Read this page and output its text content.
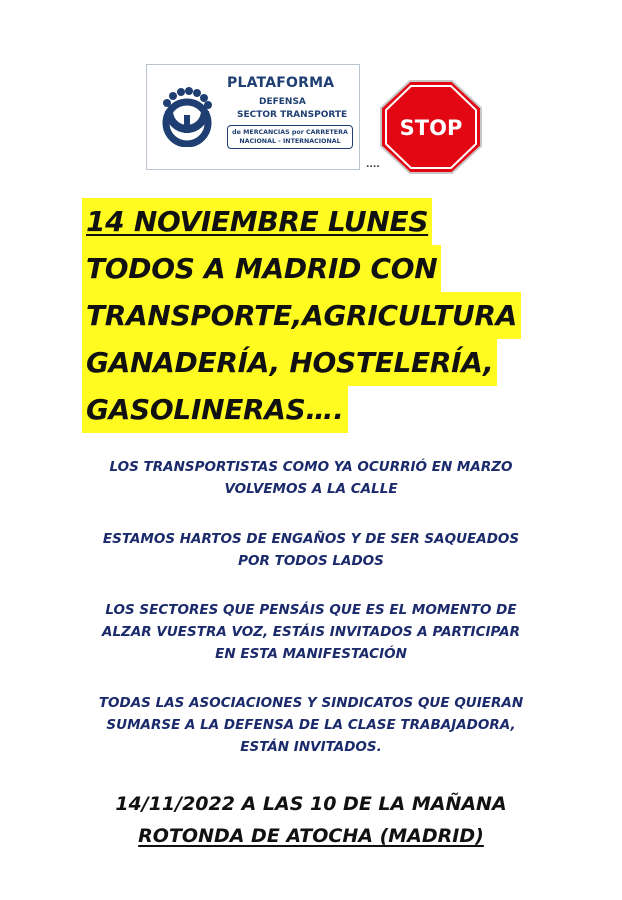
PLATAFORMA
DEFENSA
SECTOR TRANSPORTE
de MERCANCIAS por CARRETERA
NACIONAL - INTERNACIONAL
....
STOP
14 NOVIEMBRE LUNES
TODOS A MADRID CON
TRANSPORTE,AGRICULTURA
GANADERÍA, HOSTELERÍA,
GASOLINERAS….
LOS TRANSPORTISTAS COMO YA OCURRIÓ EN MARZO
VOLVEMOS A LA CALLE
ESTAMOS HARTOS DE ENGAÑOS Y DE SER SAQUEADOS
POR TODOS LADOS
LOS SECTORES QUE PENSÁIS QUE ES EL MOMENTO DE
ALZAR VUESTRA VOZ, ESTÁIS INVITADOS A PARTICIPAR
EN ESTA MANIFESTACIÓN
TODAS LAS ASOCIACIONES Y SINDICATOS QUE QUIERAN
SUMARSE A LA DEFENSA DE LA CLASE TRABAJADORA,
ESTÁN INVITADOS.
14/11/2022 A LAS 10 DE LA MAÑANA
ROTONDA DE ATOCHA (MADRID)
